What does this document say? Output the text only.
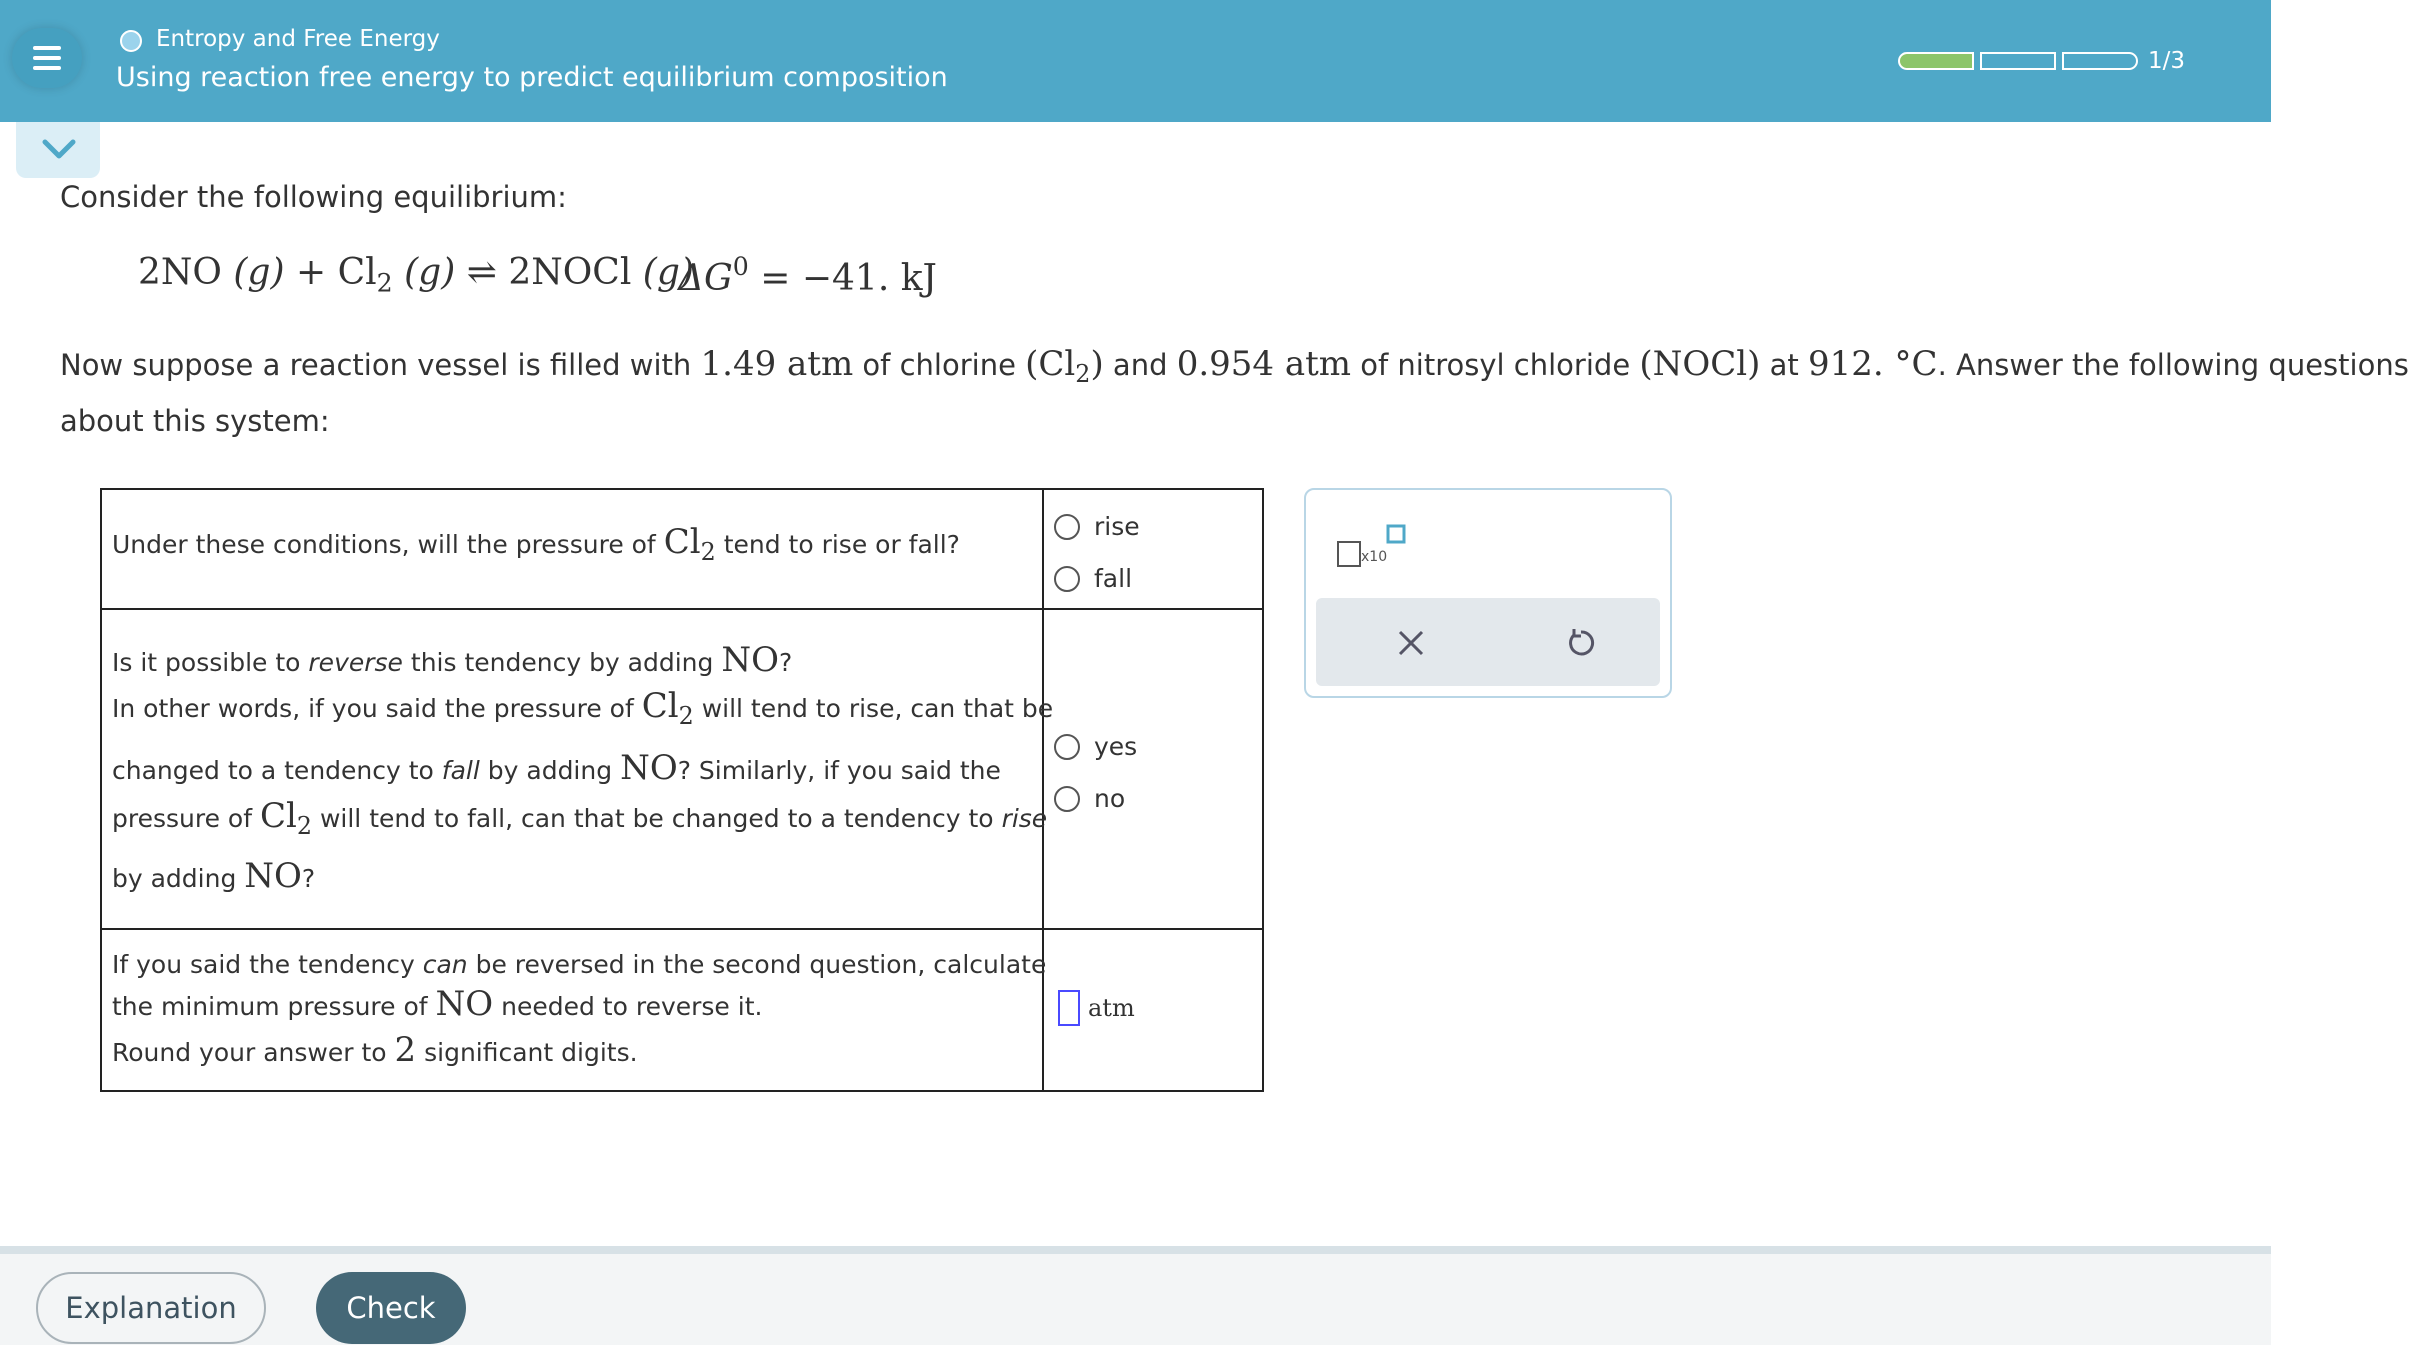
Entropy and Free Energy
Using reaction free energy to predict equilibrium composition
1/3
Consider the following equilibrium:
2NO $(g) + Cl_2$ (g) ⇌ 2NOCl (g)
$\Delta G^0 = -41$. kJ
Now suppose a reaction vessel is filled with 1.49 atm of chlorine $(Cl_2)$ and 0.954 atm of nitrosyl chloride (NOCl) at 912. °C. Answer the following questions
about this system:
Under these conditions, will the pressure of $Cl_2$ tend to rise or fall?
rise
fall
Is it possible to reverse this tendency by adding NO?
In other words, if you said the pressure of $Cl_2$ will tend to rise, can that be
changed to a tendency to fall by adding NO? Similarly, if you said the
pressure of $Cl_2$ will tend to fall, can that be changed to a tendency to rise
by adding NO?
yes
no
If you said the tendency can be reversed in the second question, calculate
the minimum pressure of NO needed to reverse it.
Round your answer to 2 significant digits.
atm
x10
Explanation	Check
